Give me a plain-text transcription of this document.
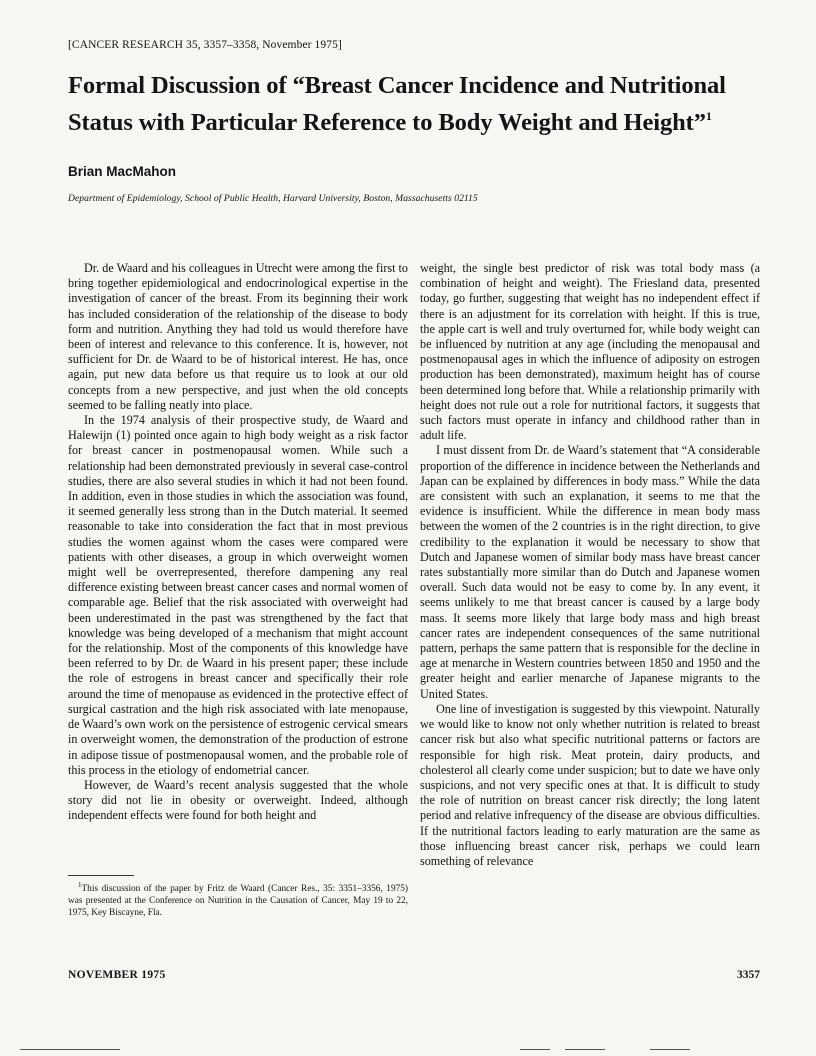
[CANCER RESEARCH 35, 3357–3358, November 1975]
Formal Discussion of “Breast Cancer Incidence and Nutritional Status with Particular Reference to Body Weight and Height”$^1$
Brian MacMahon
Department of Epidemiology, School of Public Health, Harvard University, Boston, Massachusetts 02115

Dr. de Waard and his colleagues in Utrecht were among the first to bring together epidemiological and endocrinological expertise in the investigation of cancer of the breast. From its beginning their work has included consideration of the relationship of the disease to body form and nutrition. Anything they had told us would therefore have been of interest and relevance to this conference. It is, however, not sufficient for Dr. de Waard to be of historical interest. He has, once again, put new data before us that require us to look at our old concepts from a new perspective, and just when the old concepts seemed to be falling neatly into place.

In the 1974 analysis of their prospective study, de Waard and Halewijn (1) pointed once again to high body weight as a risk factor for breast cancer in postmenopausal women. While such a relationship had been demonstrated previously in several case-control studies, there are also several studies in which it had not been found. In addition, even in those studies in which the association was found, it seemed generally less strong than in the Dutch material. It seemed reasonable to take into consideration the fact that in most previous studies the women against whom the cases were compared were patients with other diseases, a group in which overweight women might well be overrepresented, therefore dampening any real difference existing between breast cancer cases and normal women of comparable age. Belief that the risk associated with overweight had been underestimated in the past was strengthened by the fact that knowledge was being developed of a mechanism that might account for the relationship. Most of the components of this knowledge have been referred to by Dr. de Waard in his present paper; these include the role of estrogens in breast cancer and specifically their role around the time of menopause as evidenced in the protective effect of surgical castration and the high risk associated with late menopause, de Waard’s own work on the persistence of estrogenic cervical smears in overweight women, the demonstration of the production of estrone in adipose tissue of postmenopausal women, and the probable role of this process in the etiology of endometrial cancer.

However, de Waard’s recent analysis suggested that the whole story did not lie in obesity or overweight. Indeed, although independent effects were found for both height and

weight, the single best predictor of risk was total body mass (a combination of height and weight). The Friesland data, presented today, go further, suggesting that weight has no independent effect if there is an adjustment for its correlation with height. If this is true, the apple cart is well and truly overturned for, while body weight can be influenced by nutrition at any age (including the menopausal and postmenopausal ages in which the influence of adiposity on estrogen production has been demonstrated), maximum height has of course been determined long before that. While a relationship primarily with height does not rule out a role for nutritional factors, it suggests that such factors must operate in infancy and childhood rather than in adult life.

I must dissent from Dr. de Waard’s statement that “A considerable proportion of the difference in incidence between the Netherlands and Japan can be explained by differences in body mass.” While the data are consistent with such an explanation, it seems to me that the evidence is insufficient. While the difference in mean body mass between the women of the 2 countries is in the right direction, to give credibility to the explanation it would be necessary to show that Dutch and Japanese women of similar body mass have breast cancer rates substantially more similar than do Dutch and Japanese women overall. Such data would not be easy to come by. In any event, it seems unlikely to me that breast cancer is caused by a large body mass. It seems more likely that large body mass and high breast cancer rates are independent consequences of the same nutritional pattern, perhaps the same pattern that is responsible for the decline in age at menarche in Western countries between 1850 and 1950 and the greater height and earlier menarche of Japanese migrants to the United States.

One line of investigation is suggested by this viewpoint. Naturally we would like to know not only whether nutrition is related to breast cancer risk but also what specific nutritional patterns or factors are responsible for high risk. Meat protein, dairy products, and cholesterol all clearly come under suspicion; but to date we have only suspicions, and not very specific ones at that. It is difficult to study the role of nutrition on breast cancer risk directly; the long latent period and relative infrequency of the disease are obvious difficulties. If the nutritional factors leading to early maturation are the same as those influencing breast cancer risk, perhaps we could learn something of relevance

$^1$This discussion of the paper by Fritz de Waard (Cancer Res., 35: 3351–3356, 1975) was presented at the Conference on Nutrition in the Causation of Cancer, May 19 to 22, 1975, Key Biscayne, Fla.
NOVEMBER 1975	3357
